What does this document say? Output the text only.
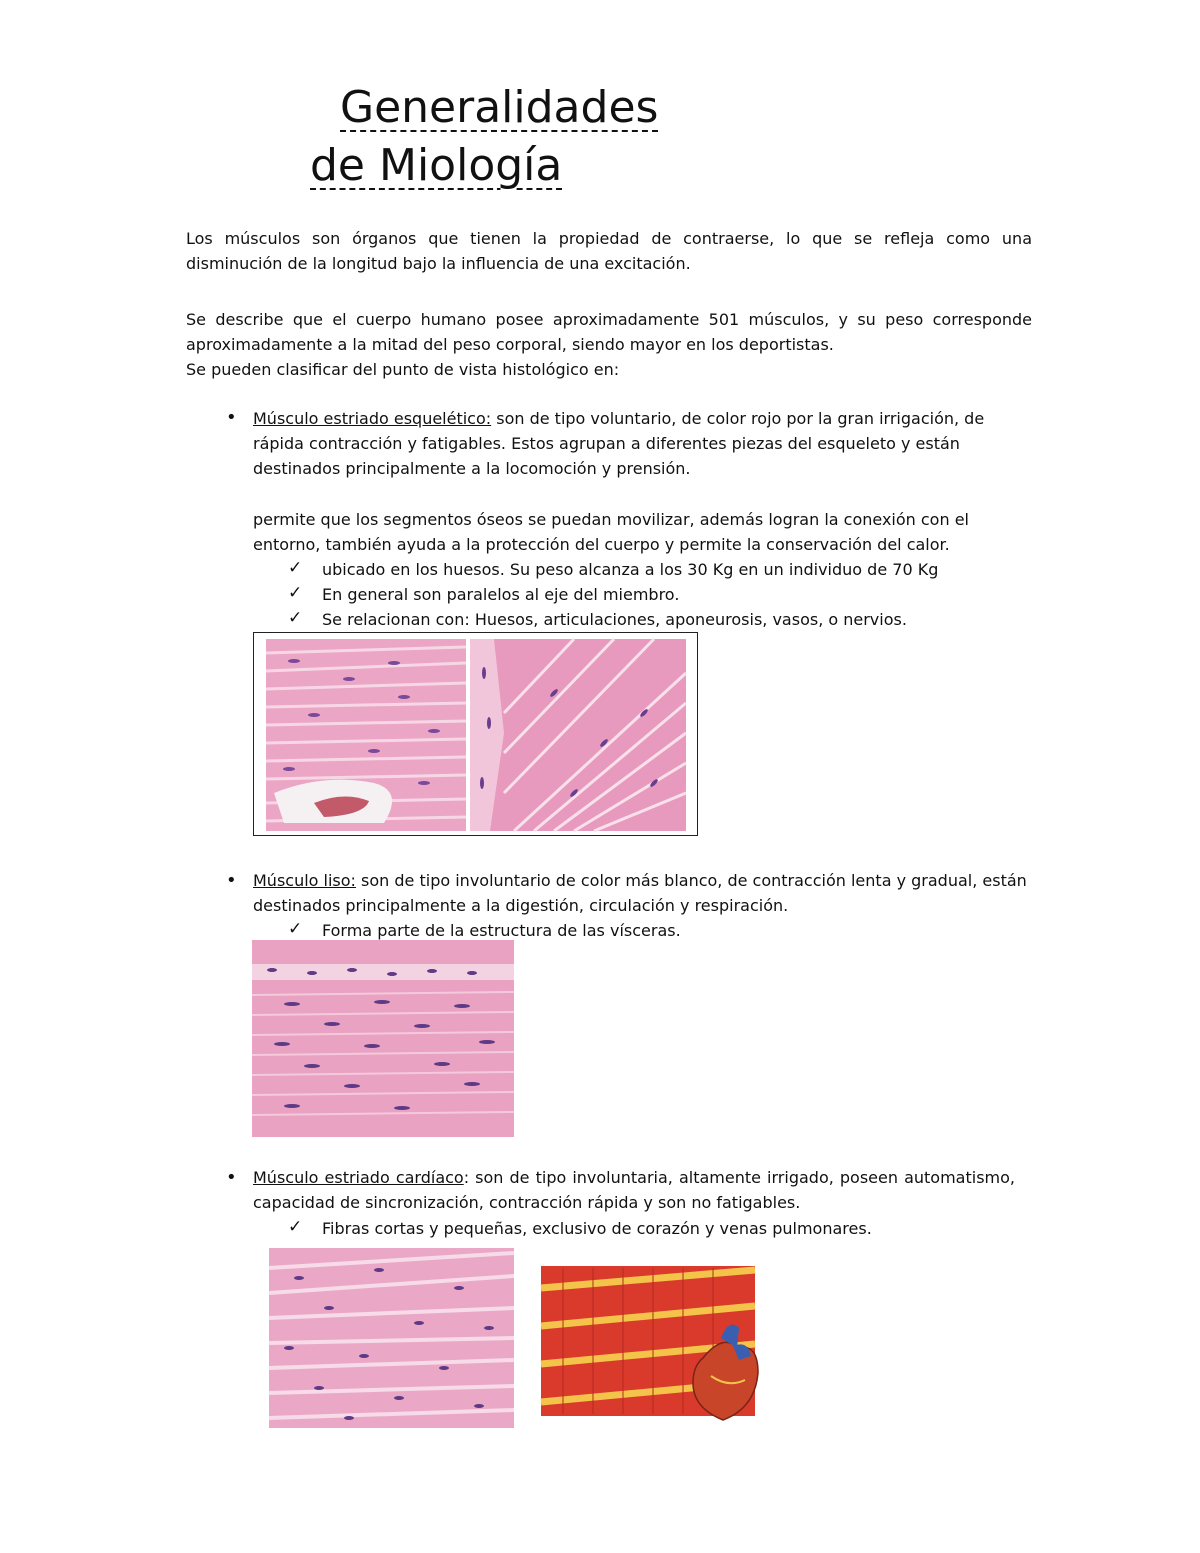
Generalidades
de Miología
Los músculos son órganos que tienen la propiedad de contraerse, lo que se refleja como una disminución de la longitud bajo la influencia de una excitación.
Se describe que el cuerpo humano posee aproximadamente 501 músculos, y su peso corresponde aproximadamente a la mitad del peso corporal, siendo mayor en los deportistas.
Se pueden clasificar del punto de vista histológico en:
• Músculo estriado esquelético: son de tipo voluntario, de color rojo por la gran irrigación, de rápida contracción y fatigables. Estos agrupan a diferentes piezas del esqueleto y están destinados principalmente a la locomoción y prensión.
permite que los segmentos óseos se puedan movilizar, además logran la conexión con el entorno, también ayuda a la protección del cuerpo y permite la conservación del calor.
✓ ubicado en los huesos. Su peso alcanza a los 30 Kg en un individuo de 70 Kg
✓ En general son paralelos al eje del miembro.
✓ Se relacionan con: Huesos, articulaciones, aponeurosis, vasos, o nervios.
• Músculo liso: son de tipo involuntario de color más blanco, de contracción lenta y gradual, están destinados principalmente a la digestión, circulación y respiración.
✓ Forma parte de la estructura de las vísceras.
• Músculo estriado cardíaco: son de tipo involuntaria, altamente irrigado, poseen automatismo, capacidad de sincronización, contracción rápida y son no fatigables.
✓ Fibras cortas y pequeñas, exclusivo de corazón y venas pulmonares.
